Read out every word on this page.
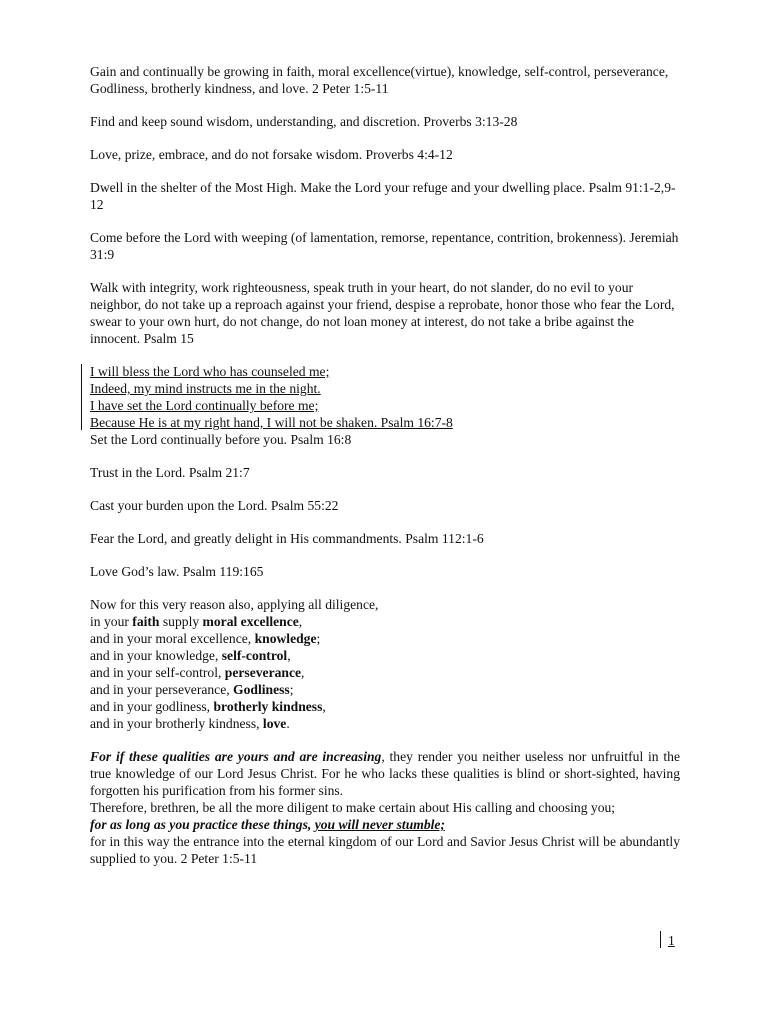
Gain and continually be growing in faith, moral excellence(virtue), knowledge, self-control, perseverance, Godliness, brotherly kindness, and love. 2 Peter 1:5-11

Find and keep sound wisdom, understanding, and discretion. Proverbs 3:13-28

Love, prize, embrace, and do not forsake wisdom. Proverbs 4:4-12

Dwell in the shelter of the Most High. Make the Lord your refuge and your dwelling place. Psalm 91:1-2,9-12

Come before the Lord with weeping (of lamentation, remorse, repentance, contrition, brokenness). Jeremiah 31:9

Walk with integrity, work righteousness, speak truth in your heart, do not slander, do no evil to your neighbor, do not take up a reproach against your friend, despise a reprobate, honor those who fear the Lord, swear to your own hurt, do not change, do not loan money at interest, do not take a bribe against the innocent. Psalm 15

I will bless the Lord who has counseled me;
Indeed, my mind instructs me in the night.
I have set the Lord continually before me;
Because He is at my right hand, I will not be shaken. Psalm 16:7-8

Set the Lord continually before you. Psalm 16:8

Trust in the Lord. Psalm 21:7

Cast your burden upon the Lord. Psalm 55:22

Fear the Lord, and greatly delight in His commandments. Psalm 112:1-6

Love God’s law. Psalm 119:165

Now for this very reason also, applying all diligence,
in your faith supply moral excellence,
and in your moral excellence, knowledge;
and in your knowledge, self-control,
and in your self-control, perseverance,
and in your perseverance, Godliness;
and in your godliness, brotherly kindness,
and in your brotherly kindness, love.

For if these qualities are yours and are increasing, they render you neither useless nor unfruitful in the true knowledge of our Lord Jesus Christ. For he who lacks these qualities is blind or short-sighted, having forgotten his purification from his former sins.
Therefore, brethren, be all the more diligent to make certain about His calling and choosing you;
for as long as you practice these things, you will never stumble;
for in this way the entrance into the eternal kingdom of our Lord and Savior Jesus Christ will be abundantly supplied to you. 2 Peter 1:5-11
1
